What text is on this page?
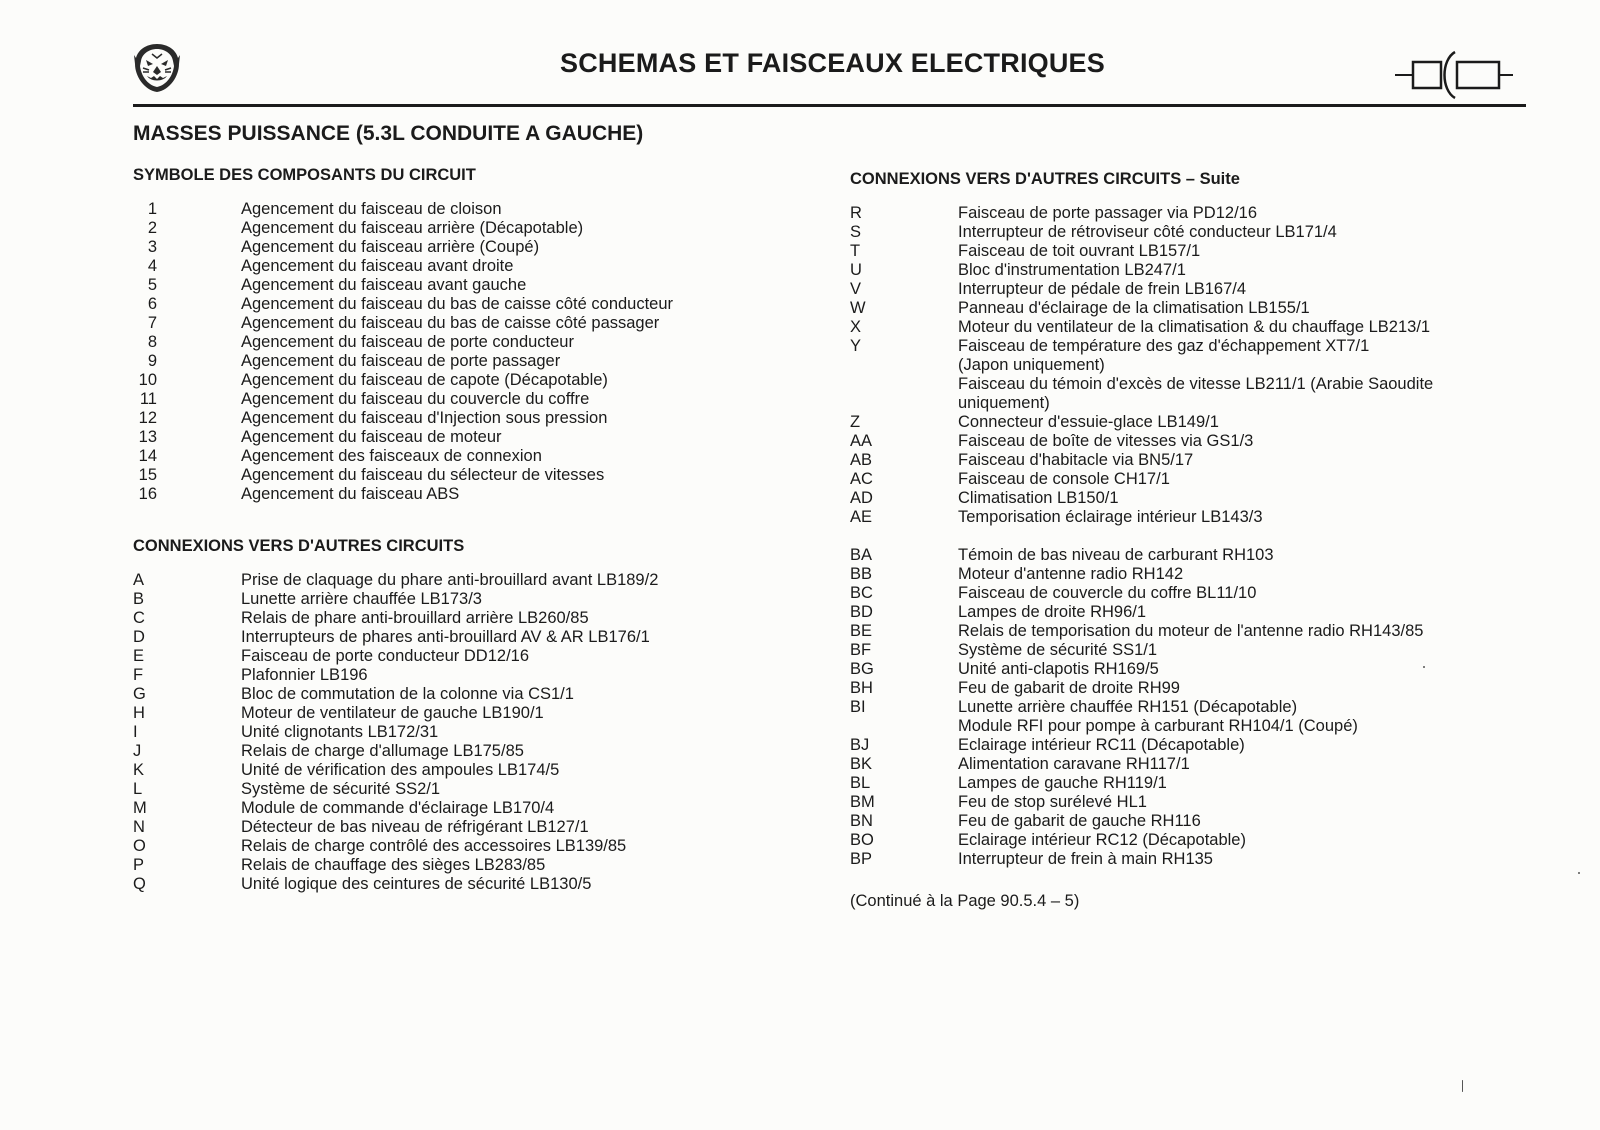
SCHEMAS ET FAISCEAUX ELECTRIQUES
MASSES PUISSANCE (5.3L CONDUITE A GAUCHE)
SYMBOLE DES COMPOSANTS DU CIRCUIT
1	Agencement du faisceau de cloison
2	Agencement du faisceau arrière (Décapotable)
3	Agencement du faisceau arrière (Coupé)
4	Agencement du faisceau avant droite
5	Agencement du faisceau avant gauche
6	Agencement du faisceau du bas de caisse côté conducteur
7	Agencement du faisceau du bas de caisse côté passager
8	Agencement du faisceau de porte conducteur
9	Agencement du faisceau de porte passager
10	Agencement du faisceau de capote (Décapotable)
11	Agencement du faisceau du couvercle du coffre
12	Agencement du faisceau d'Injection sous pression
13	Agencement du faisceau de moteur
14	Agencement des faisceaux de connexion
15	Agencement du faisceau du sélecteur de vitesses
16	Agencement du faisceau ABS
CONNEXIONS VERS D'AUTRES CIRCUITS
A	Prise de claquage du phare anti-brouillard avant LB189/2
B	Lunette arrière chauffée LB173/3
C	Relais de phare anti-brouillard arrière LB260/85
D	Interrupteurs de phares anti-brouillard AV & AR LB176/1
E	Faisceau de porte conducteur DD12/16
F	Plafonnier LB196
G	Bloc de commutation de la colonne via CS1/1
H	Moteur de ventilateur de gauche LB190/1
I	Unité clignotants LB172/31
J	Relais de charge d'allumage LB175/85
K	Unité de vérification des ampoules LB174/5
L	Système de sécurité SS2/1
M	Module de commande d'éclairage LB170/4
N	Détecteur de bas niveau de réfrigérant LB127/1
O	Relais de charge contrôlé des accessoires LB139/85
P	Relais de chauffage des sièges LB283/85
Q	Unité logique des ceintures de sécurité LB130/5
CONNEXIONS VERS D'AUTRES CIRCUITS – Suite
R	Faisceau de porte passager via PD12/16
S	Interrupteur de rétroviseur côté conducteur LB171/4
T	Faisceau de toit ouvrant LB157/1
U	Bloc d'instrumentation LB247/1
V	Interrupteur de pédale de frein LB167/4
W	Panneau d'éclairage de la climatisation LB155/1
X	Moteur du ventilateur de la climatisation & du chauffage LB213/1
Y	Faisceau de température des gaz d'échappement XT7/1
(Japon uniquement)
Faisceau du témoin d'excès de vitesse LB211/1 (Arabie Saoudite
uniquement)
Z	Connecteur d'essuie-glace LB149/1
AA	Faisceau de boîte de vitesses via GS1/3
AB	Faisceau d'habitacle via BN5/17
AC	Faisceau de console CH17/1
AD	Climatisation LB150/1
AE	Temporisation éclairage intérieur LB143/3
BA	Témoin de bas niveau de carburant RH103
BB	Moteur d'antenne radio RH142
BC	Faisceau de couvercle du coffre BL11/10
BD	Lampes de droite RH96/1
BE	Relais de temporisation du moteur de l'antenne radio RH143/85
BF	Système de sécurité SS1/1
BG	Unité anti-clapotis RH169/5
BH	Feu de gabarit de droite RH99
BI	Lunette arrière chauffée RH151 (Décapotable)
Module RFI pour pompe à carburant RH104/1 (Coupé)
BJ	Eclairage intérieur RC11 (Décapotable)
BK	Alimentation caravane RH117/1
BL	Lampes de gauche RH119/1
BM	Feu de stop surélevé HL1
BN	Feu de gabarit de gauche RH116
BO	Eclairage intérieur RC12 (Décapotable)
BP	Interrupteur de frein à main RH135
(Continué à la Page 90.5.4 – 5)
